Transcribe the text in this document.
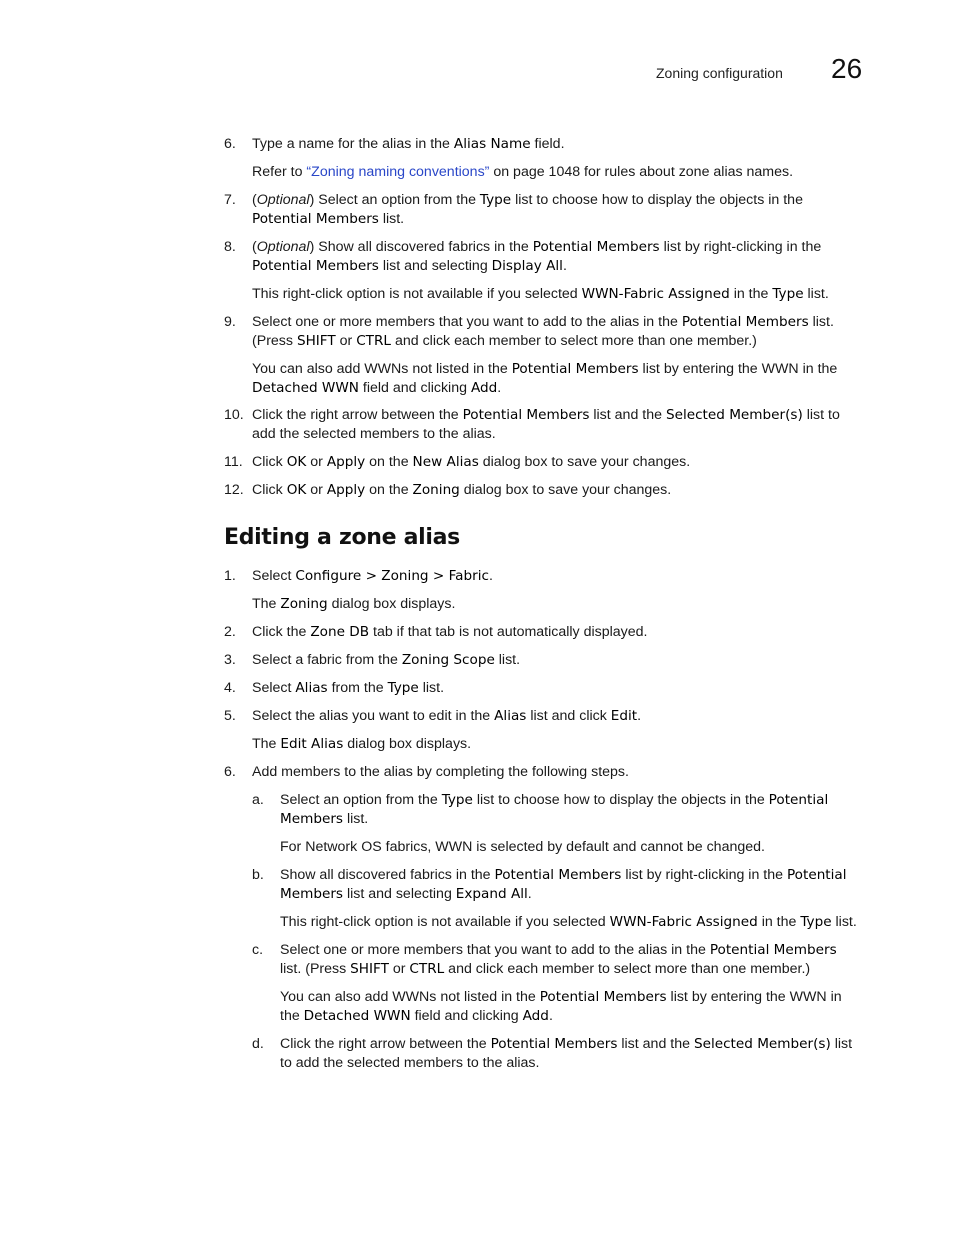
Zoning configuration 26
6. Type a name for the alias in the Alias Name field.
Refer to “Zoning naming conventions” on page 1048 for rules about zone alias names.
7. (Optional) Select an option from the Type list to choose how to display the objects in the
Potential Members list.
8. (Optional) Show all discovered fabrics in the Potential Members list by right-clicking in the
Potential Members list and selecting Display All.
This right-click option is not available if you selected WWN-Fabric Assigned in the Type list.
9. Select one or more members that you want to add to the alias in the Potential Members list.
(Press SHIFT or CTRL and click each member to select more than one member.)
You can also add WWNs not listed in the Potential Members list by entering the WWN in the
Detached WWN field and clicking Add.
10. Click the right arrow between the Potential Members list and the Selected Member(s) list to
add the selected members to the alias.
11. Click OK or Apply on the New Alias dialog box to save your changes.
12. Click OK or Apply on the Zoning dialog box to save your changes.
Editing a zone alias
1. Select Configure > Zoning > Fabric.
The Zoning dialog box displays.
2. Click the Zone DB tab if that tab is not automatically displayed.
3. Select a fabric from the Zoning Scope list.
4. Select Alias from the Type list.
5. Select the alias you want to edit in the Alias list and click Edit.
The Edit Alias dialog box displays.
6. Add members to the alias by completing the following steps.
a. Select an option from the Type list to choose how to display the objects in the Potential
Members list.
For Network OS fabrics, WWN is selected by default and cannot be changed.
b. Show all discovered fabrics in the Potential Members list by right-clicking in the Potential
Members list and selecting Expand All.
This right-click option is not available if you selected WWN-Fabric Assigned in the Type list.
c. Select one or more members that you want to add to the alias in the Potential Members
list. (Press SHIFT or CTRL and click each member to select more than one member.)
You can also add WWNs not listed in the Potential Members list by entering the WWN in
the Detached WWN field and clicking Add.
d. Click the right arrow between the Potential Members list and the Selected Member(s) list
to add the selected members to the alias.
